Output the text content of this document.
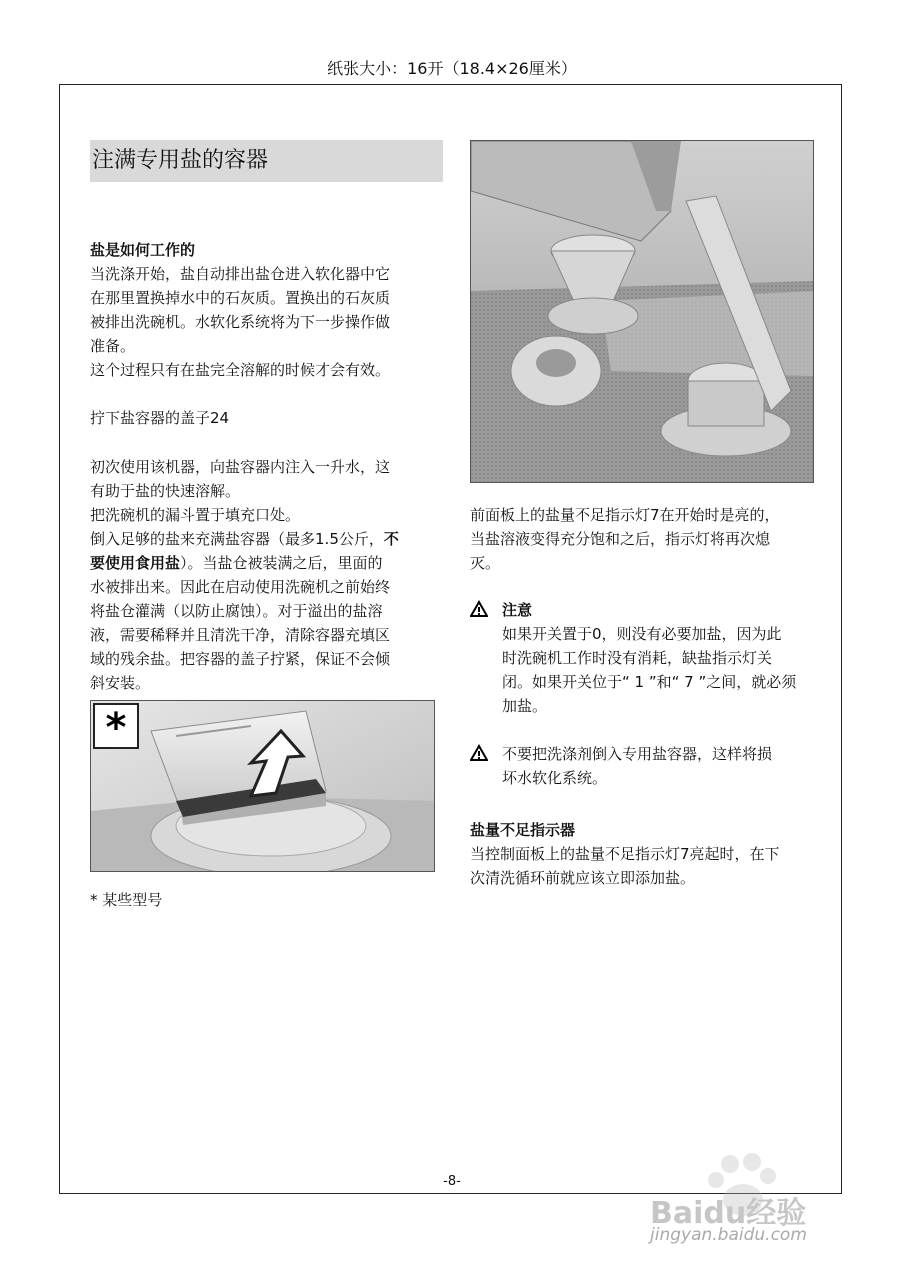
纸张大小：16开（18.4×26厘米）
注满专用盐的容器

盐是如何工作的

当洗涤开始，盐自动排出盐仓进入软化器中它

在那里置换掉水中的石灰质。置换出的石灰质

被排出洗碗机。水软化系统将为下一步操作做

准备。

这个过程只有在盐完全溶解的时候才会有效。

拧下盐容器的盖子24

初次使用该机器，向盐容器内注入一升水，这

有助于盐的快速溶解。

把洗碗机的漏斗置于填充口处。

倒入足够的盐来充满盐容器（最多1.5公斤，不

要使用食用盐）。当盐仓被装满之后，里面的

水被排出来。因此在启动使用洗碗机之前始终

将盐仓灌满（以防止腐蚀）。对于溢出的盐溶

液，需要稀释并且清洗干净，清除容器充填区

域的残余盐。把容器的盖子拧紧，保证不会倾

斜安装。

*

* 某些型号

前面板上的盐量不足指示灯7在开始时是亮的，

当盐溶液变得充分饱和之后，指示灯将再次熄

灭。

注意

如果开关置于0，则没有必要加盐，因为此

时洗碗机工作时没有消耗，缺盐指示灯关

闭。如果开关位于“ 1 ”和“ 7 ”之间，就必须

加盐。

不要把洗涤剂倒入专用盐容器，这样将损

坏水软化系统。

盐量不足指示器

当控制面板上的盐量不足指示灯7亮起时，在下

次清洗循环前就应该立即添加盐。

-8-
Baidu经验
jingyan.baidu.com
